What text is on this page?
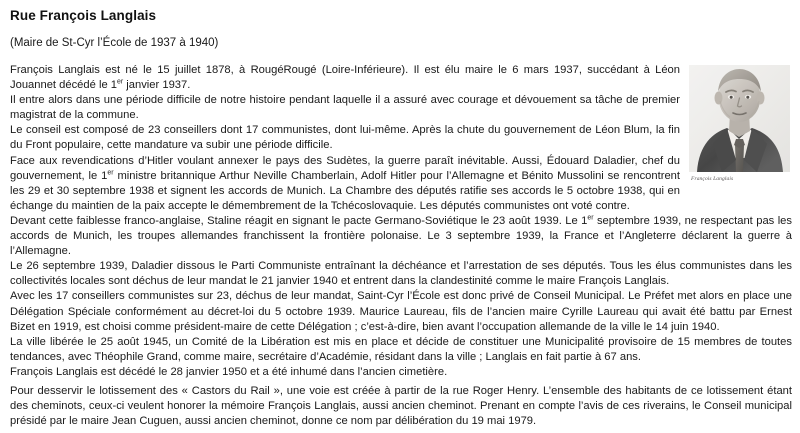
Rue François Langlais
(Maire de St-Cyr l’École de 1937 à 1940)
François Langlais

François Langlais est né le 15 juillet 1878, à RougéRougé (Loire-Inférieure). Il est élu maire le 6 mars 1937, succédant à Léon Jouannet décédé le 1er janvier 1937.

Il entre alors dans une période difficile de notre histoire pendant laquelle il a assuré avec courage et dévouement sa tâche de premier magistrat de la commune.

Le conseil est composé de 23 conseillers dont 17 communistes, dont lui-même. Après la chute du gouvernement de Léon Blum, la fin du Front populaire, cette mandature va subir une période difficile.

Face aux revendications d’Hitler voulant annexer le pays des Sudètes, la guerre paraît inévitable. Aussi, Édouard Daladier, chef du gouvernement, le 1er ministre britannique Arthur Neville Chamberlain, Adolf Hitler pour l’Allemagne et Bénito Mussolini se rencontrent les 29 et 30 septembre 1938 et signent les accords de Munich. La Chambre des députés ratifie ses accords le 5 octobre 1938, qui en échange du maintien de la paix accepte le démembrement de la Tchécoslovaquie. Les députés communistes ont voté contre.

Devant cette faiblesse franco-anglaise, Staline réagit en signant le pacte Germano-Soviétique le 23 août 1939. Le 1er septembre 1939, ne respectant pas les accords de Munich, les troupes allemandes franchissent la frontière polonaise. Le 3 septembre 1939, la France et l’Angleterre déclarent la guerre à l’Allemagne.

Le 26 septembre 1939, Daladier dissous le Parti Communiste entraînant la déchéance et l’arrestation de ses députés. Tous les élus communistes dans les collectivités locales sont déchus de leur mandat le 21 janvier 1940 et entrent dans la clandestinité comme le maire François Langlais.

Avec les 17 conseillers communistes sur 23, déchus de leur mandat, Saint-Cyr l’École est donc privé de Conseil Municipal. Le Préfet met alors en place une Délégation Spéciale conformément au décret-loi du 5 octobre 1939. Maurice Laureau, fils de l’ancien maire Cyrille Laureau qui avait été battu par Ernest Bizet en 1919, est choisi comme président-maire de cette Délégation ; c’est-à-dire, bien avant l’occupation allemande de la ville le 14 juin 1940.

La ville libérée le 25 août 1945, un Comité de la Libération est mis en place et décide de constituer une Municipalité provisoire de 15 membres de toutes tendances, avec Théophile Grand, comme maire, secrétaire d’Académie, résidant dans la ville ; Langlais en fait partie à 67 ans.

François Langlais est décédé le 28 janvier 1950 et a été inhumé dans l’ancien cimetière.

Pour desservir le lotissement des « Castors du Rail », une voie est créée à partir de la rue Roger Henry. L’ensemble des habitants de ce lotissement étant des cheminots, ceux-ci veulent honorer la mémoire François Langlais, aussi ancien cheminot. Prenant en compte l’avis de ces riverains, le Conseil municipal présidé par le maire Jean Cuguen, aussi ancien cheminot, donne ce nom par délibération du 19 mai 1979.
